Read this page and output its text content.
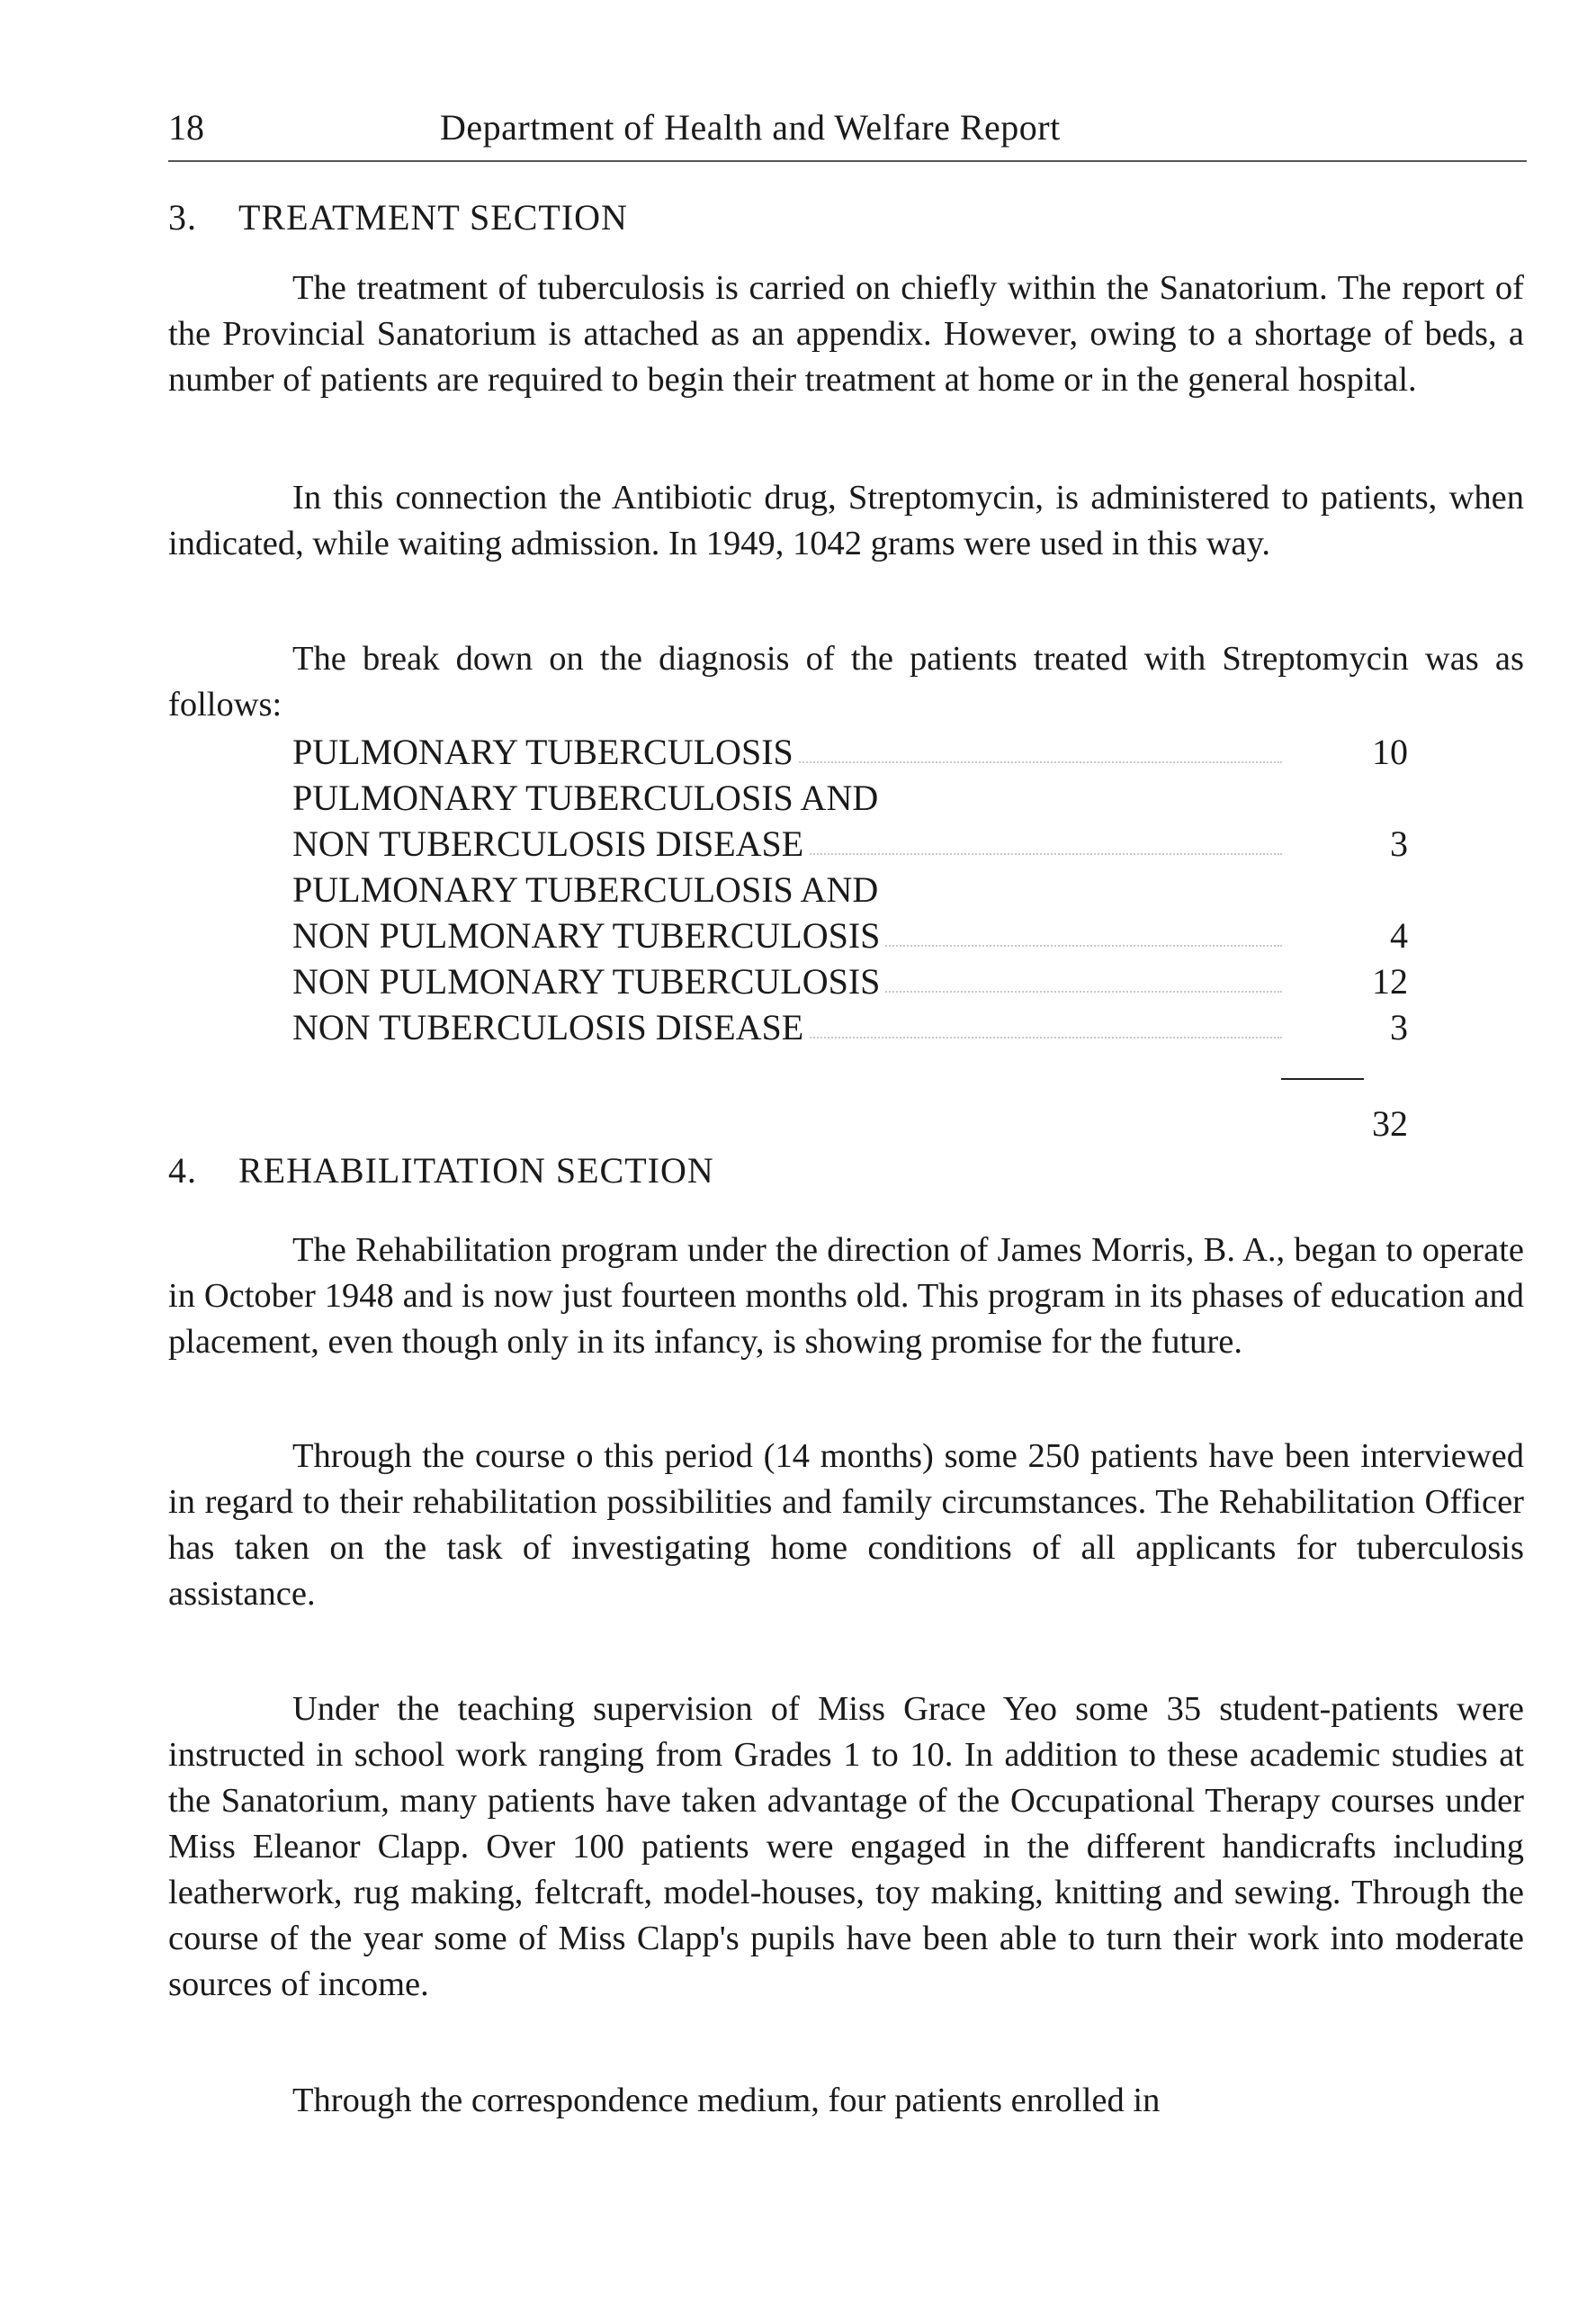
18	Department of Health and Welfare Report
3. TREATMENT SECTION

The treatment of tuberculosis is carried on chiefly within the Sanatorium. The report of the Provincial Sanatorium is attached as an appendix. However, owing to a shortage of beds, a number of patients are required to begin their treatment at home or in the general hospital.

In this connection the Antibiotic drug, Streptomycin, is administered to patients, when indicated, while waiting admission. In 1949, 1042 grams were used in this way.

The break down on the diagnosis of the patients treated with Streptomycin was as follows:

PULMONARY TUBERCULOSIS	10
PULMONARY TUBERCULOSIS AND
NON TUBERCULOSIS DISEASE	3
PULMONARY TUBERCULOSIS AND
NON PULMONARY TUBERCULOSIS	4
NON PULMONARY TUBERCULOSIS	12
NON TUBERCULOSIS DISEASE	3
32
4. REHABILITATION SECTION

The Rehabilitation program under the direction of James Morris, B. A., began to operate in October 1948 and is now just fourteen months old. This program in its phases of education and placement, even though only in its infancy, is showing promise for the future.

Through the course o this period (14 months) some 250 patients have been interviewed in regard to their rehabilitation possibilities and family circumstances. The Rehabilitation Officer has taken on the task of investigating home conditions of all applicants for tuberculosis assistance.

Under the teaching supervision of Miss Grace Yeo some 35 student-patients were instructed in school work ranging from Grades 1 to 10. In addition to these academic studies at the Sanatorium, many patients have taken advantage of the Occupational Therapy courses under Miss Eleanor Clapp. Over 100 patients were engaged in the different handicrafts including leatherwork, rug making, feltcraft, model-houses, toy making, knitting and sewing. Through the course of the year some of Miss Clapp's pupils have been able to turn their work into moderate sources of income.

Through the correspondence medium, four patients enrolled in
